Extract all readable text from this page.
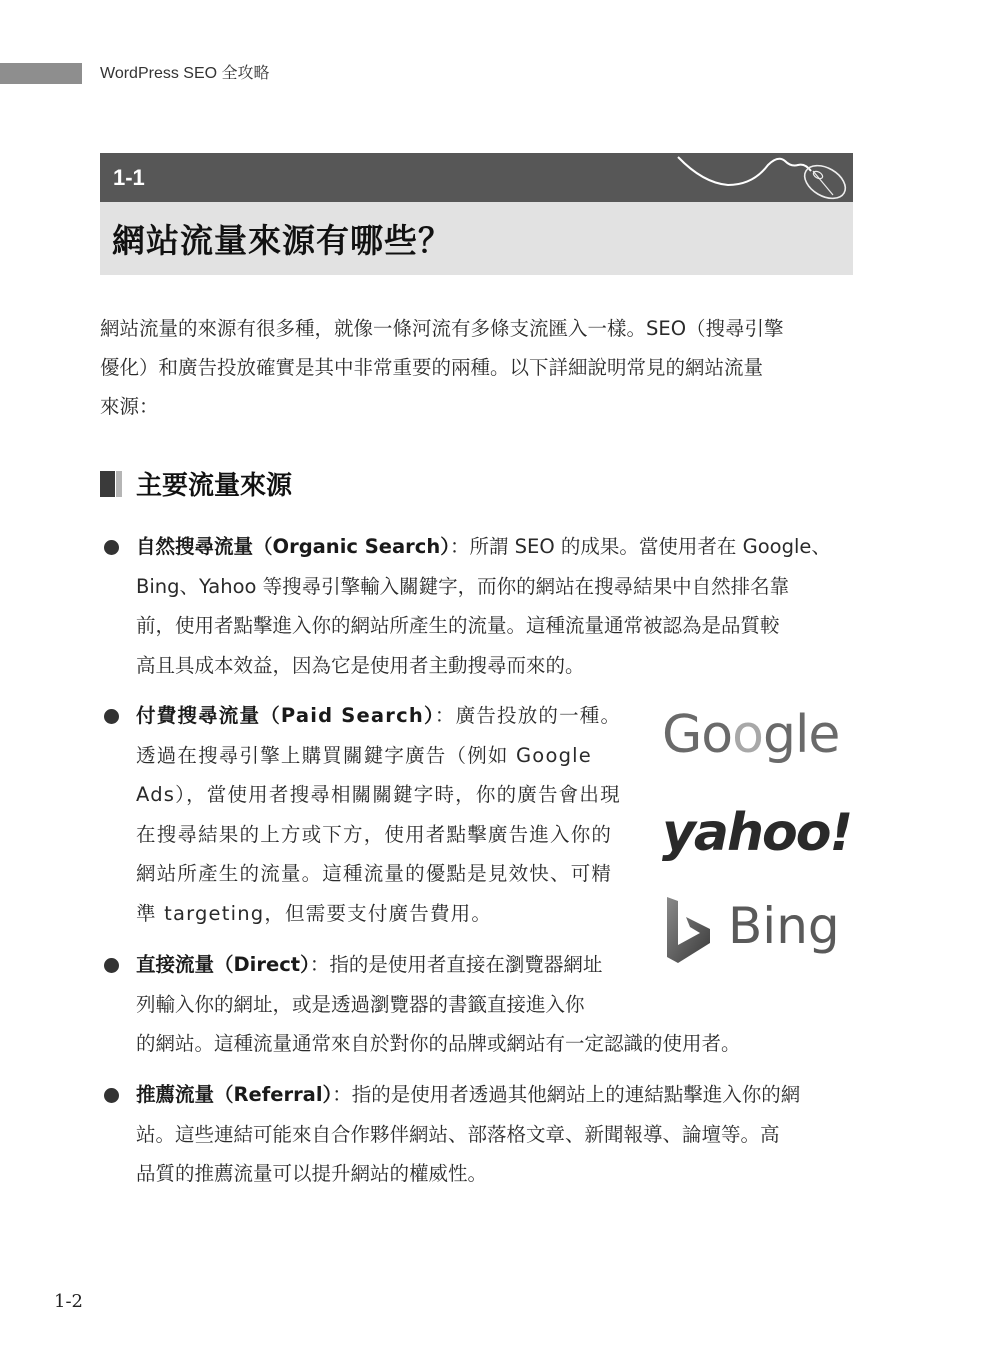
WordPress SEO 全攻略
1-1
網站流量來源有哪些？
網站流量的來源有很多種，就像一條河流有多條支流匯入一樣。SEO（搜尋引擎
優化）和廣告投放確實是其中非常重要的兩種。以下詳細說明常見的網站流量
來源：
主要流量來源
自然搜尋流量（Organic Search）：所謂 SEO 的成果。當使用者在 Google、
Bing、Yahoo 等搜尋引擎輸入關鍵字，而你的網站在搜尋結果中自然排名靠
前，使用者點擊進入你的網站所產生的流量。這種流量通常被認為是品質較
高且具成本效益，因為它是使用者主動搜尋而來的。
付費搜尋流量（Paid Search）：廣告投放的一種。
透過在搜尋引擎上購買關鍵字廣告（例如 Google
Ads），當使用者搜尋相關關鍵字時，你的廣告會出現
在搜尋結果的上方或下方，使用者點擊廣告進入你的
網站所產生的流量。這種流量的優點是見效快、可精
準 targeting，但需要支付廣告費用。
Google
yahoo!
Bing
直接流量（Direct）：指的是使用者直接在瀏覽器網址
列輸入你的網址，或是透過瀏覽器的書籤直接進入你
的網站。這種流量通常來自於對你的品牌或網站有一定認識的使用者。
推薦流量（Referral）：指的是使用者透過其他網站上的連結點擊進入你的網
站。這些連結可能來自合作夥伴網站、部落格文章、新聞報導、論壇等。高
品質的推薦流量可以提升網站的權威性。
1-2
